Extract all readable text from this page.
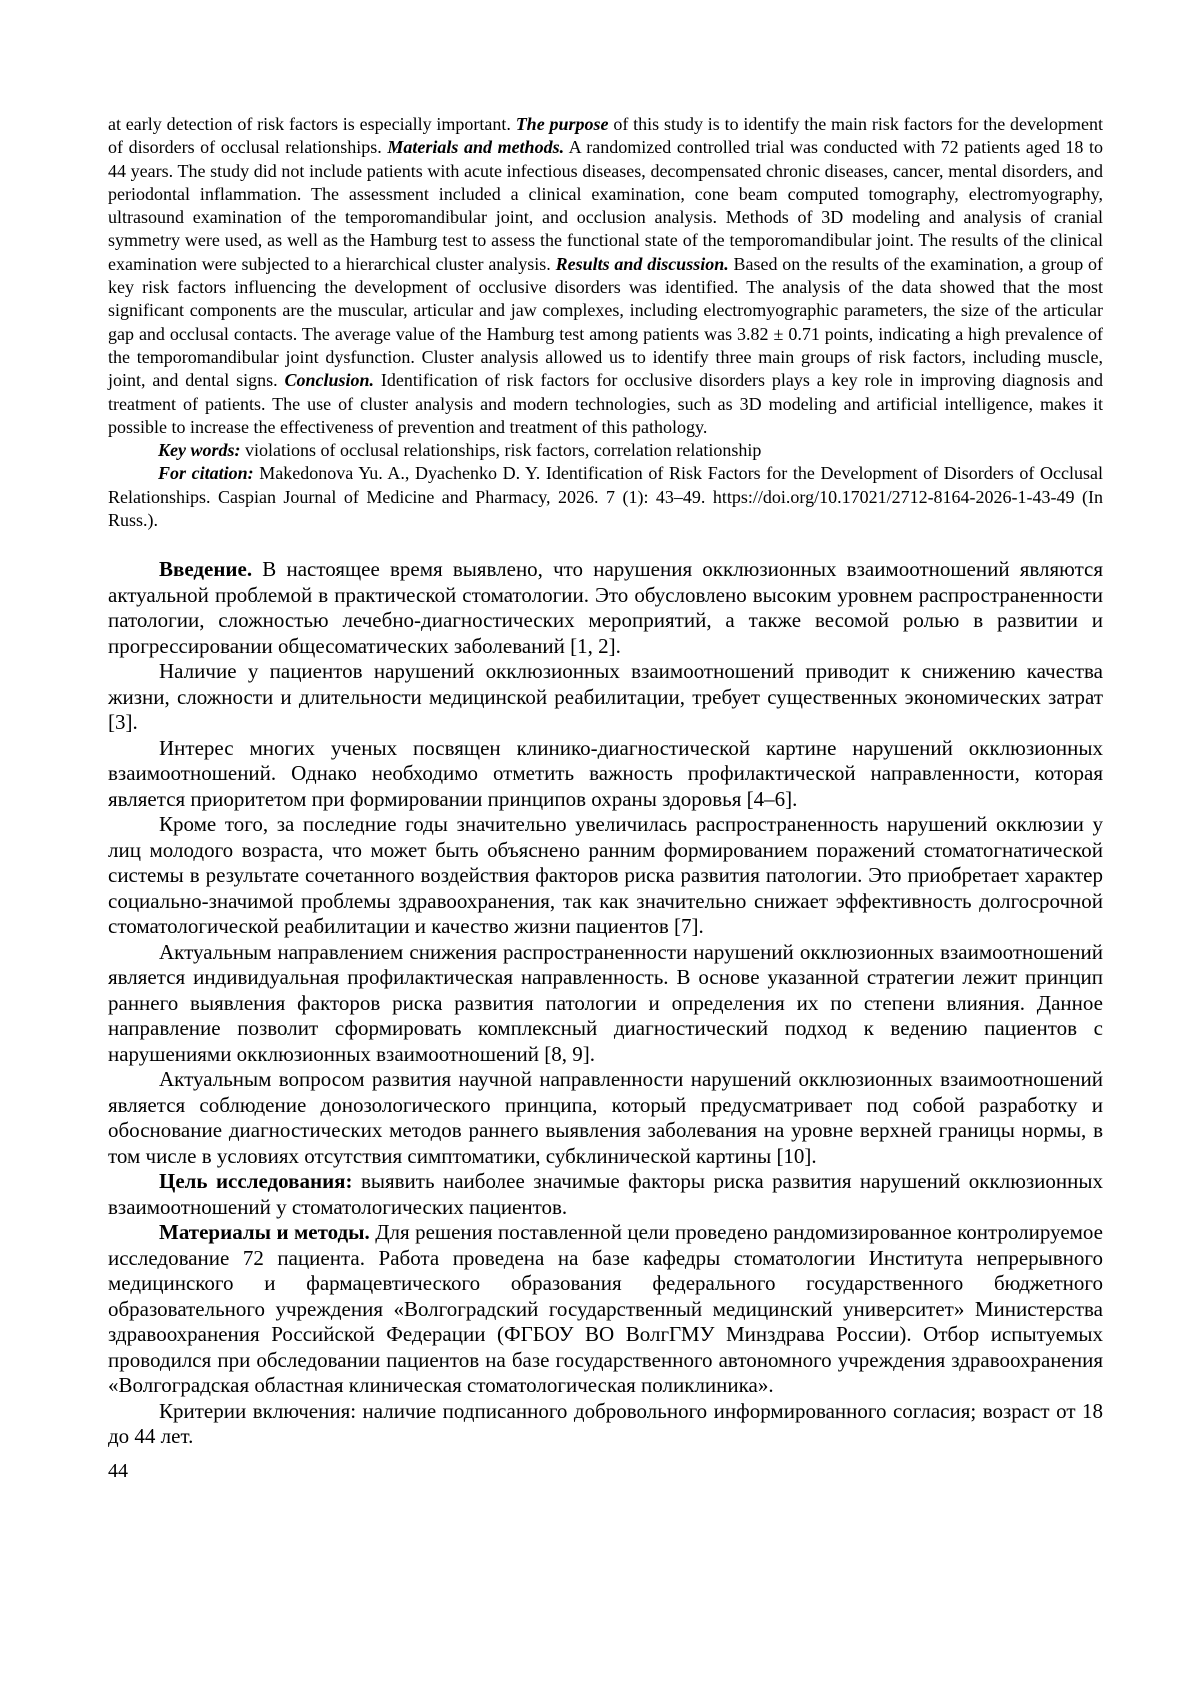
at early detection of risk factors is especially important. The purpose of this study is to identify the main risk factors for the development of disorders of occlusal relationships. Materials and methods. A randomized controlled trial was conducted with 72 patients aged 18 to 44 years. The study did not include patients with acute infectious diseases, decompensated chronic diseases, cancer, mental disorders, and periodontal inflammation. The assessment included a clinical examination, cone beam computed tomography, electromyography, ultrasound examination of the temporomandibular joint, and occlusion analysis. Methods of 3D modeling and analysis of cranial symmetry were used, as well as the Hamburg test to assess the functional state of the temporomandibular joint. The results of the clinical examination were subjected to a hierarchical cluster analysis. Results and discussion. Based on the results of the examination, a group of key risk factors influencing the development of occlusive disorders was identified. The analysis of the data showed that the most significant components are the muscular, articular and jaw complexes, including electromyographic parameters, the size of the articular gap and occlusal contacts. The average value of the Hamburg test among patients was 3.82 ± 0.71 points, indicating a high prevalence of the temporomandibular joint dysfunction. Cluster analysis allowed us to identify three main groups of risk factors, including muscle, joint, and dental signs. Conclusion. Identification of risk factors for occlusive disorders plays a key role in improving diagnosis and treatment of patients. The use of cluster analysis and modern technologies, such as 3D modeling and artificial intelligence, makes it possible to increase the effectiveness of prevention and treatment of this pathology.

Key words: violations of occlusal relationships, risk factors, correlation relationship

For citation: Makedonova Yu. A., Dyachenko D. Y. Identification of Risk Factors for the Development of Disorders of Occlusal Relationships. Caspian Journal of Medicine and Pharmacy, 2026. 7 (1): 43–49. https://doi.org/10.17021/2712-8164-2026-1-43-49 (In Russ.).

Введение. В настоящее время выявлено, что нарушения окклюзионных взаимоотношений являются актуальной проблемой в практической стоматологии. Это обусловлено высоким уровнем распространенности патологии, сложностью лечебно-диагностических мероприятий, а также весомой ролью в развитии и прогрессировании общесоматических заболеваний [1, 2].

Наличие у пациентов нарушений окклюзионных взаимоотношений приводит к снижению качества жизни, сложности и длительности медицинской реабилитации, требует существенных экономических затрат [3].

Интерес многих ученых посвящен клинико-диагностической картине нарушений окклюзионных взаимоотношений. Однако необходимо отметить важность профилактической направленности, которая является приоритетом при формировании принципов охраны здоровья [4–6].

Кроме того, за последние годы значительно увеличилась распространенность нарушений окклюзии у лиц молодого возраста, что может быть объяснено ранним формированием поражений стоматогнатической системы в результате сочетанного воздействия факторов риска развития патологии. Это приобретает характер социально-значимой проблемы здравоохранения, так как значительно снижает эффективность долгосрочной стоматологической реабилитации и качество жизни пациентов [7].

Актуальным направлением снижения распространенности нарушений окклюзионных взаимоотношений является индивидуальная профилактическая направленность. В основе указанной стратегии лежит принцип раннего выявления факторов риска развития патологии и определения их по степени влияния. Данное направление позволит сформировать комплексный диагностический подход к ведению пациентов с нарушениями окклюзионных взаимоотношений [8, 9].

Актуальным вопросом развития научной направленности нарушений окклюзионных взаимоотношений является соблюдение донозологического принципа, который предусматривает под собой разработку и обоснование диагностических методов раннего выявления заболевания на уровне верхней границы нормы, в том числе в условиях отсутствия симптоматики, субклинической картины [10].

Цель исследования: выявить наиболее значимые факторы риска развития нарушений окклюзионных взаимоотношений у стоматологических пациентов.

Материалы и методы. Для решения поставленной цели проведено рандомизированное контролируемое исследование 72 пациента. Работа проведена на базе кафедры стоматологии Института непрерывного медицинского и фармацевтического образования федерального государственного бюджетного образовательного учреждения «Волгоградский государственный медицинский университет» Министерства здравоохранения Российской Федерации (ФГБОУ ВО ВолгГМУ Минздрава России). Отбор испытуемых проводился при обследовании пациентов на базе государственного автономного учреждения здравоохранения «Волгоградская областная клиническая стоматологическая поликлиника».

Критерии включения: наличие подписанного добровольного информированного согласия; возраст от 18 до 44 лет.

44
